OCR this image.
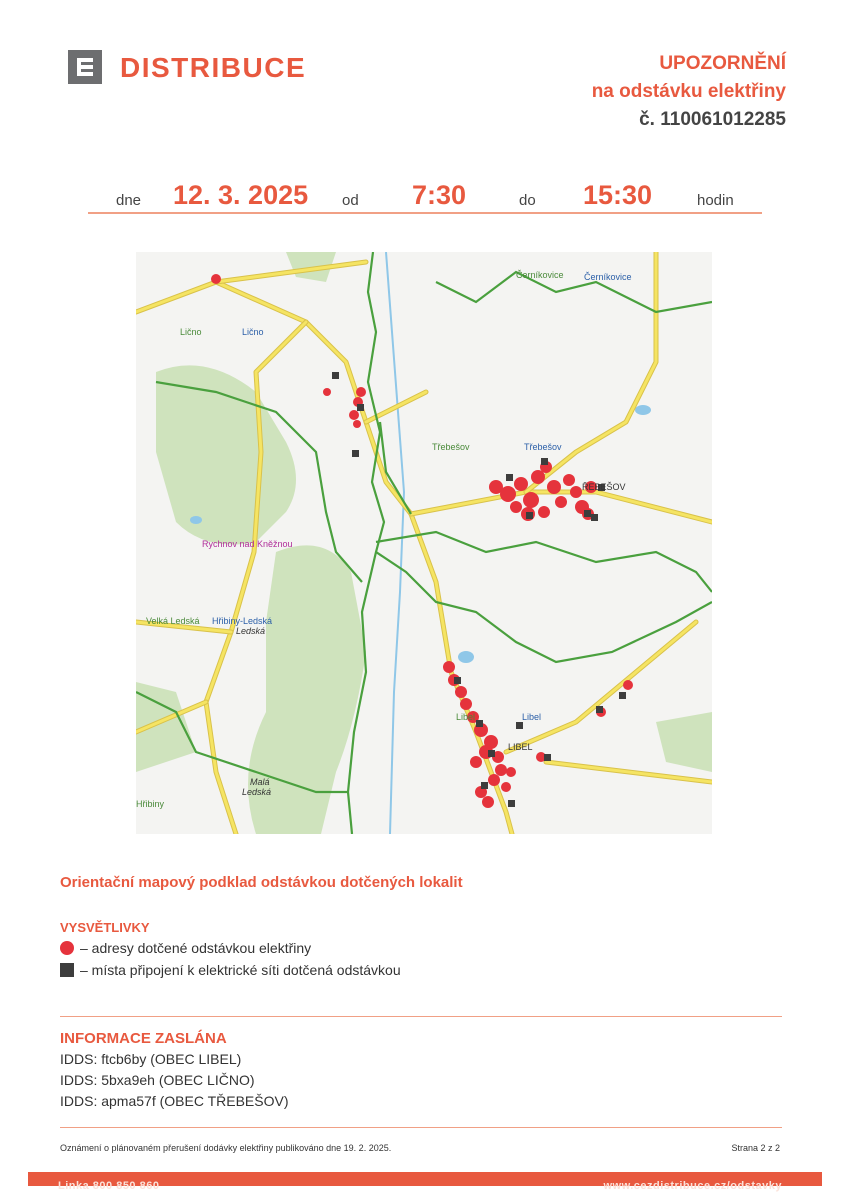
DISTRIBUCE	UPOZORNĚNÍ
na odstávku elektřiny
č. 110061012285
dne 12. 3. 2025 od 7:30	do 15:30	hodin
Lično	Lično
Černíkovice Černíkovice
Třebešov	Třebešov
ŘEBEŠOV
Rychnov nad Kněžnou
Velká Ledská Hřibiny-Ledská
Ledská
Libel	Libel
LIBEL
Malá
Ledská
Hřibiny
Orientační mapový podklad odstávkou dotčených lokalit
VYSVĚTLIVKY
– adresy dotčené odstávkou elektřiny
– místa připojení k elektrické síti dotčená odstávkou
INFORMACE ZASLÁNA
IDDS: ftcb6by (OBEC LIBEL)
IDDS: 5bxa9eh (OBEC LIČNO)
IDDS: apma57f (OBEC TŘEBEŠOV)
Oznámení o plánovaném přerušení dodávky elektřiny publikováno dne 19. 2. 2025.	Strana 2 z 2
Linka 800 850 860	www.cezdistribuce.cz/odstavky
